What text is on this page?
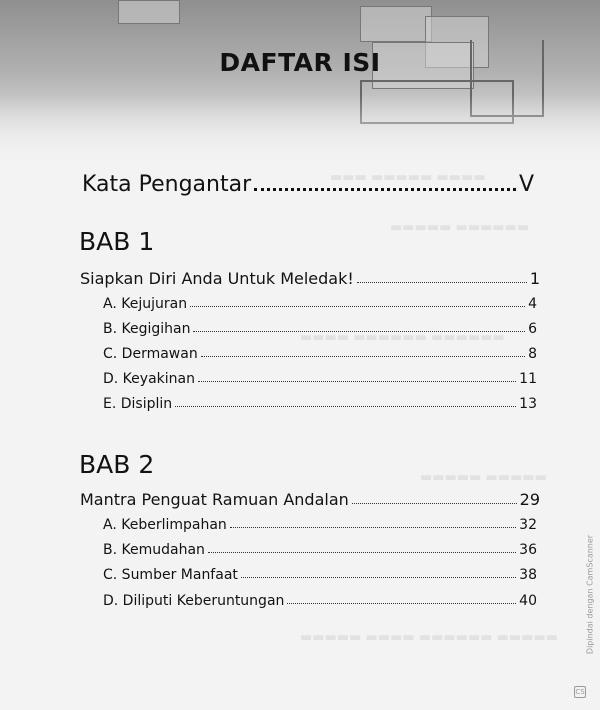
DAFTAR ISI
▬▬▬ ▬▬▬▬▬ ▬▬▬▬
▬▬▬▬▬ ▬▬▬▬▬▬
▬▬▬▬ ▬▬▬▬▬▬ ▬▬▬▬▬▬
▬▬▬▬▬ ▬▬▬▬▬
▬▬▬▬▬ ▬▬▬▬ ▬▬▬▬▬▬ ▬▬▬▬▬
Kata Pengantar	V
BAB 1
Siapkan Diri Anda Untuk Meledak!	1
A. Kejujuran	4
B. Kegigihan	6
C. Dermawan	8
D. Keyakinan	11
E. Disiplin	13
BAB 2
Mantra Penguat Ramuan Andalan	29
A. Keberlimpahan	32
B. Kemudahan	36
C. Sumber Manfaat	38
D. Diliputi Keberuntungan	40	Dipindai dengan CamScanner
CS
